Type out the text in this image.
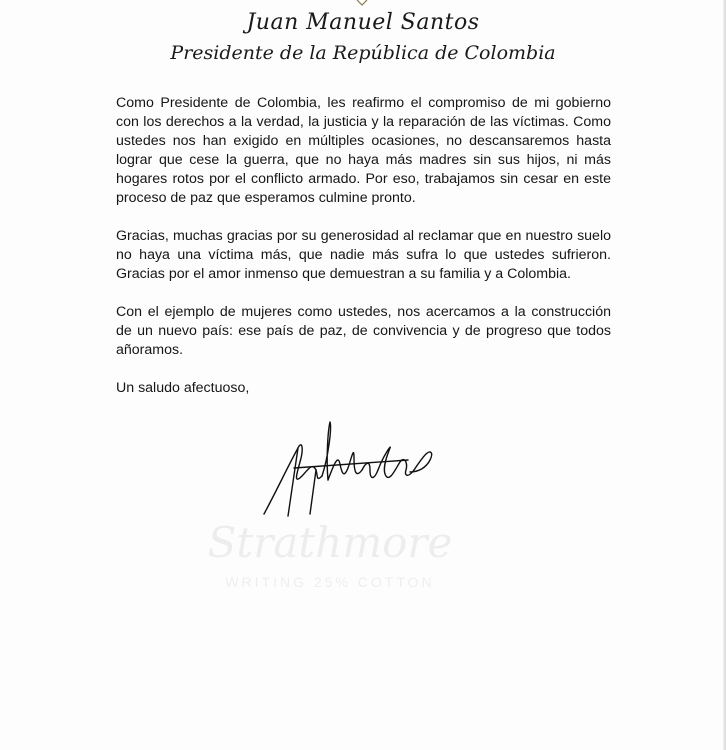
Juan Manuel Santos
Presidente de la República de Colombia

Como Presidente de Colombia, les reafirmo el compromiso de mi gobierno con los derechos a la verdad, la justicia y la reparación de las víctimas. Como ustedes nos han exigido en múltiples ocasiones, no descansaremos hasta lograr que cese la guerra, que no haya más madres sin sus hijos, ni más hogares rotos por el conflicto armado. Por eso, trabajamos sin cesar en este proceso de paz que esperamos culmine pronto.

Gracias, muchas gracias por su generosidad al reclamar que en nuestro suelo no haya una víctima más, que nadie más sufra lo que ustedes sufrieron. Gracias por el amor inmenso que demuestran a su familia y a Colombia.

Con el ejemplo de mujeres como ustedes, nos acercamos a la construcción de un nuevo país: ese país de paz, de convivencia y de progreso que todos añoramos.

Un saludo afectuoso,

Strathmore
WRITING 25% COTTON
